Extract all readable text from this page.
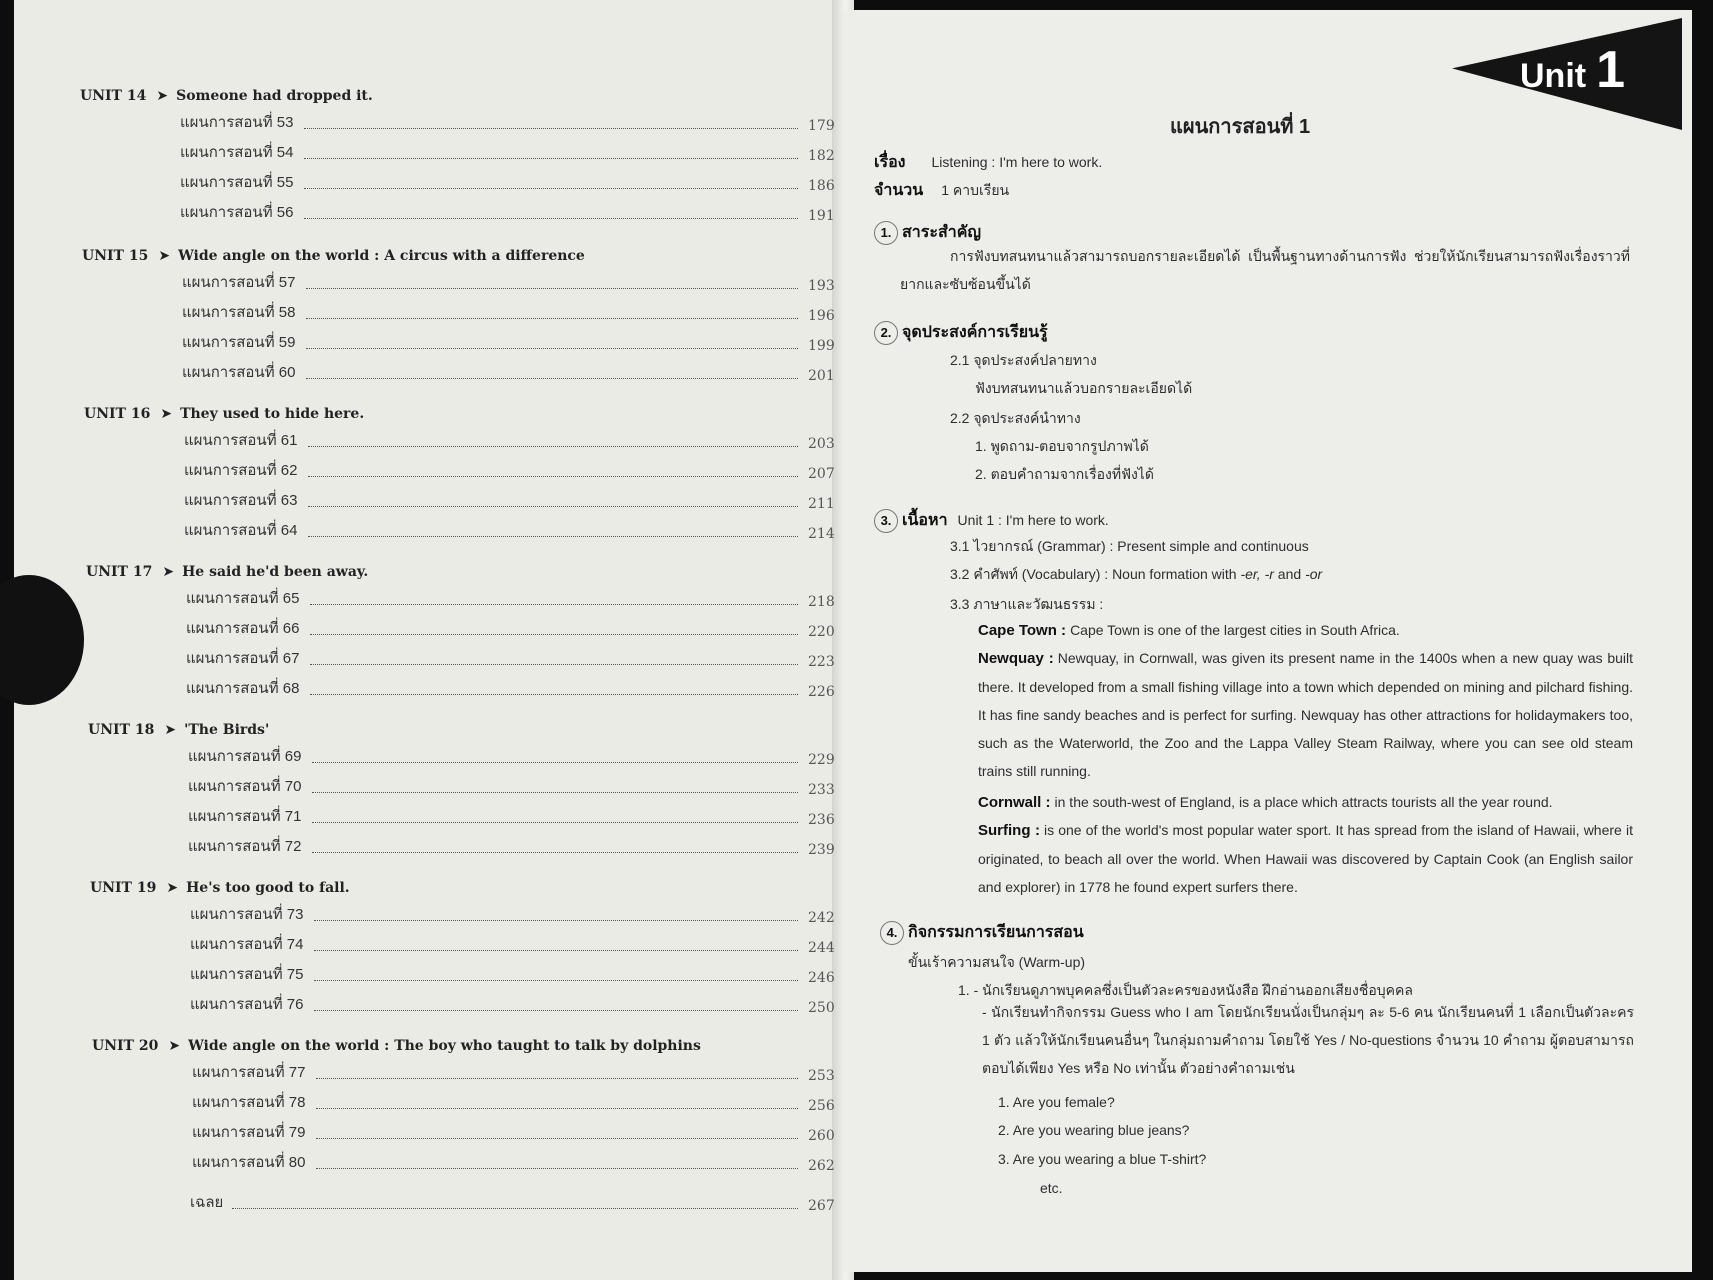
UNIT 14 ➤ Someone had dropped it.
แผนการสอนที่ 53	179
แผนการสอนที่ 54	182
แผนการสอนที่ 55	186
แผนการสอนที่ 56	191
UNIT 15 ➤ Wide angle on the world : A circus with a difference
แผนการสอนที่ 57	193
แผนการสอนที่ 58	196
แผนการสอนที่ 59	199
แผนการสอนที่ 60	201
UNIT 16 ➤ They used to hide here.
แผนการสอนที่ 61	203
แผนการสอนที่ 62	207
แผนการสอนที่ 63	211
แผนการสอนที่ 64	214
UNIT 17 ➤ He said he'd been away.
แผนการสอนที่ 65	218
แผนการสอนที่ 66	220
แผนการสอนที่ 67	223
แผนการสอนที่ 68	226
UNIT 18 ➤ 'The Birds'
แผนการสอนที่ 69	229
แผนการสอนที่ 70	233
แผนการสอนที่ 71	236
แผนการสอนที่ 72	239
UNIT 19 ➤ He's too good to fall.
แผนการสอนที่ 73	242
แผนการสอนที่ 74	244
แผนการสอนที่ 75	246
แผนการสอนที่ 76	250
UNIT 20 ➤ Wide angle on the world : The boy who taught to talk by dolphins
แผนการสอนที่ 77	253
แผนการสอนที่ 78	256
แผนการสอนที่ 79	260
แผนการสอนที่ 80	262
เฉลย	267
Unit 1
แผนการสอนที่ 1
เรื่อง Listening : I'm here to work.
จำนวน 1 คาบเรียน
1. สาระสำคัญ
การฟังบทสนทนาแล้วสามารถบอกรายละเอียดได้ เป็นพื้นฐานทางด้านการฟัง ช่วยให้นักเรียนสามารถฟังเรื่องราวที่ยากและซับซ้อนขึ้นได้
2. จุดประสงค์การเรียนรู้
2.1 จุดประสงค์ปลายทาง
ฟังบทสนทนาแล้วบอกรายละเอียดได้
2.2 จุดประสงค์นำทาง
1. พูดถาม-ตอบจากรูปภาพได้
2. ตอบคำถามจากเรื่องที่ฟังได้
3. เนื้อหา Unit 1 : I'm here to work.
3.1 ไวยากรณ์ (Grammar) : Present simple and continuous
3.2 คำศัพท์ (Vocabulary) : Noun formation with -er, -r and -or
3.3 ภาษาและวัฒนธรรม :
Cape Town : Cape Town is one of the largest cities in South Africa.
Newquay : Newquay, in Cornwall, was given its present name in the 1400s when a new quay was built there. It developed from a small fishing village into a town which depended on mining and pilchard fishing. It has fine sandy beaches and is perfect for surfing. Newquay has other attractions for holidaymakers too, such as the Waterworld, the Zoo and the Lappa Valley Steam Railway, where you can see old steam trains still running.
Cornwall : in the south-west of England, is a place which attracts tourists all the year round.
Surfing : is one of the world's most popular water sport. It has spread from the island of Hawaii, where it originated, to beach all over the world. When Hawaii was discovered by Captain Cook (an English sailor and explorer) in 1778 he found expert surfers there.
4. กิจกรรมการเรียนการสอน
ขั้นเร้าความสนใจ (Warm-up)
1. - นักเรียนดูภาพบุคคลซึ่งเป็นตัวละครของหนังสือ ฝึกอ่านออกเสียงชื่อบุคคล
- นักเรียนทำกิจกรรม Guess who I am โดยนักเรียนนั่งเป็นกลุ่มๆ ละ 5-6 คน นักเรียนคนที่ 1 เลือกเป็นตัวละคร 1 ตัว แล้วให้นักเรียนคนอื่นๆ ในกลุ่มถามคำถาม โดยใช้ Yes / No-questions จำนวน 10 คำถาม ผู้ตอบสามารถตอบได้เพียง Yes หรือ No เท่านั้น ตัวอย่างคำถามเช่น
1. Are you female?
2. Are you wearing blue jeans?
3. Are you wearing a blue T-shirt?
etc.
